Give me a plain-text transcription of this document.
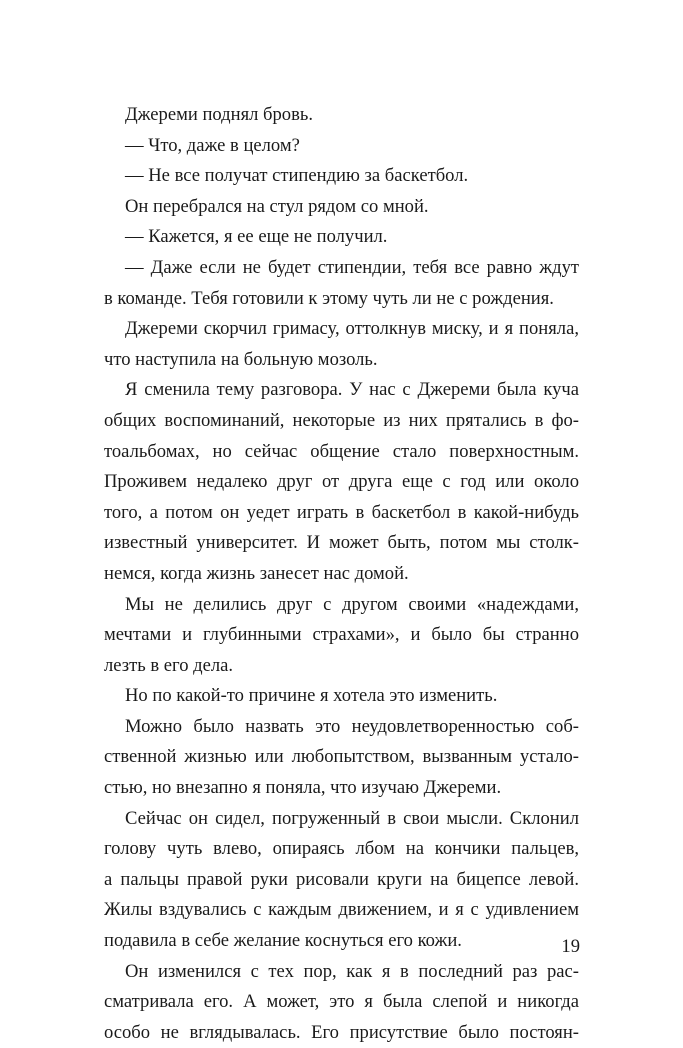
Джереми поднял бровь.
— Что, даже в целом?
— Не все получат стипендию за баскетбол.
Он перебрался на стул рядом со мной.
— Кажется, я ее еще не получил.
— Даже если не будет стипендии, тебя все равно ждут
в команде. Тебя готовили к этому чуть ли не с рождения.
Джереми скорчил гримасу, оттолкнув миску, и я поняла,
что наступила на больную мозоль.
Я сменила тему разговора. У нас с Джереми была куча
общих воспоминаний, некоторые из них прятались в фо-
тоальбомах, но сейчас общение стало поверхностным.
Проживем недалеко друг от друга еще с год или около
того, а потом он уедет играть в баскетбол в какой-нибудь
известный университет. И может быть, потом мы столк-
немся, когда жизнь занесет нас домой.
Мы не делились друг с другом своими «надеждами,
мечтами и глубинными страхами», и было бы странно
лезть в его дела.
Но по какой-то причине я хотела это изменить.
Можно было назвать это неудовлетворенностью соб-
ственной жизнью или любопытством, вызванным устало-
стью, но внезапно я поняла, что изучаю Джереми.
Сейчас он сидел, погруженный в свои мысли. Склонил
голову чуть влево, опираясь лбом на кончики пальцев,
а пальцы правой руки рисовали круги на бицепсе левой.
Жилы вздувались с каждым движением, и я с удивлением
подавила в себе желание коснуться его кожи.
Он изменился с тех пор, как я в последний раз рас-
сматривала его. А может, это я была слепой и никогда
особо не вглядывалась. Его присутствие было постоян-
19
